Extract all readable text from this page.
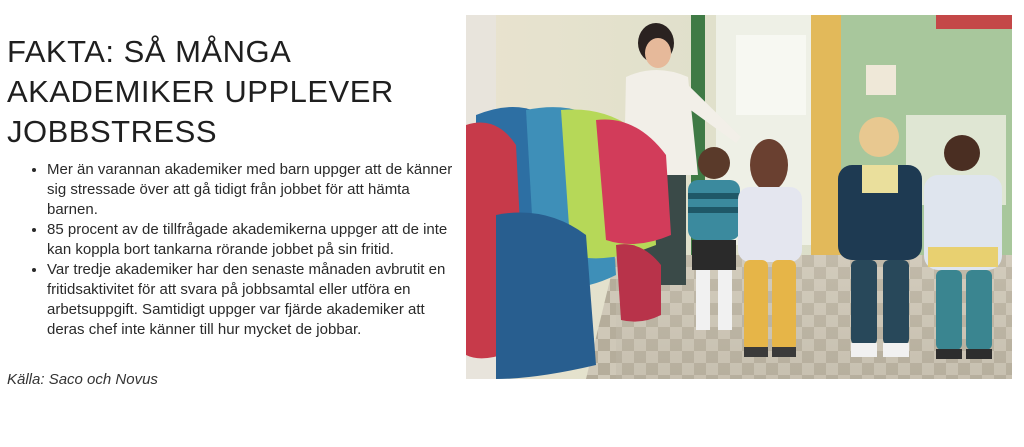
FAKTA: SÅ MÅNGA AKADEMIKER UPPLEVER JOBBSTRESS
• Mer än varannan akademiker med barn uppger att de känner sig stressade över att gå tidigt från jobbet för att hämta barnen.
• 85 procent av de tillfrågade akademikerna uppger att de inte kan koppla bort tankarna rörande jobbet på sin fritid.
• Var tredje akademiker har den senaste månaden avbrutit en fritidsaktivitet för att svara på jobbsamtal eller utföra en arbetsuppgift. Samtidigt uppger var fjärde akademiker att deras chef inte känner till hur mycket de jobbar.

Källa: Saco och Novus
